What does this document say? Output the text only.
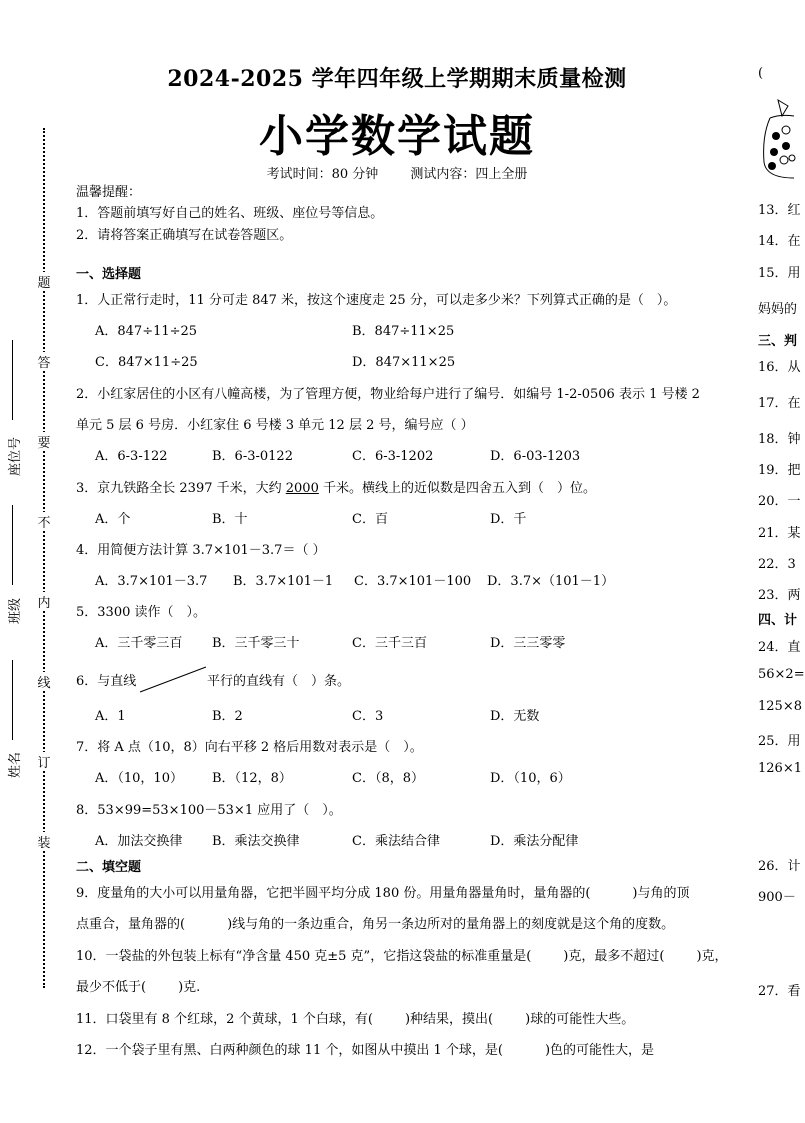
2024-2025 学年四年级上学期期末质量检测
小学数学试题
考试时间：80 分钟 测试内容：四上全册
温馨提醒：
1．答题前填写好自己的姓名、班级、座位号等信息。
2．请将答案正确填写在试卷答题区。
题
答
要
不
内
线
订
装
座位号
班级
姓名
一、选择题
1．人正常行走时，11 分可走 847 米，按这个速度走 25 分，可以走多少米？下列算式正确的是（　）。
A．847÷11÷25	B．847÷11×25
C．847×11÷25	D．847×11×25
2．小红家居住的小区有八幢高楼，为了管理方便，物业给每户进行了编号．如编号 1-2-0506 表示 1 号楼 2
单元 5 层 6 号房．小红家住 6 号楼 3 单元 12 层 2 号，编号应（ ）
A．6-3-122	B．6-3-0122	C．6-3-1202	D．6-03-1203
3．京九铁路全长 2397 千米，大约 2000 千米。横线上的近似数是四舍五入到（　）位。
A．个	B．十	C．百	D．千
4．用简便方法计算 3.7×101－3.7＝（ ）
A．3.7×101－3.7 B．3.7×101－1 C．3.7×101－100 D．3.7×（101－1）
5．3300 读作（　）。
A．三千零三百 B．三千零三十	C．三千三百	D．三三零零
6．与直线	平行的直线有（　）条。
A．1	B．2	C．3	D．无数
7．将 A 点（10，8）向右平移 2 格后用数对表示是（　）。
A．（10，10） B．（12，8）	C．（8，8）	D．（10，6）
8．53×99=53×100－53×1 应用了（　）。
A．加法交换律 B．乘法交换律	C．乘法结合律	D．乘法分配律
二、填空题
9．度量角的大小可以用量角器，它把半圆平均分成 180 份。用量角器量角时，量角器的(	)与角的顶
点重合，量角器的(	)线与角的一条边重合，角另一条边所对的量角器上的刻度就是这个角的度数。
10．一袋盐的外包装上标有“净含量 450 克±5 克”，它指这袋盐的标准重量是( )克，最多不超过( )克，
最少不低于( )克.
11．口袋里有 8 个红球，2 个黄球，1 个白球，有( )种结果，摸出( )球的可能性大些。
12．一个袋子里有黑、白两种颜色的球 11 个，如图从中摸出 1 个球，是(	)色的可能性大，是
(
13．红
14．在
15．用
妈妈的
三、判
16．从
17．在
18．钟
19．把
20．一
21．某
22．3
23．两
四、计
24．直
56×2=
125×8
25．用
126×1
26．计
900－
27．看
